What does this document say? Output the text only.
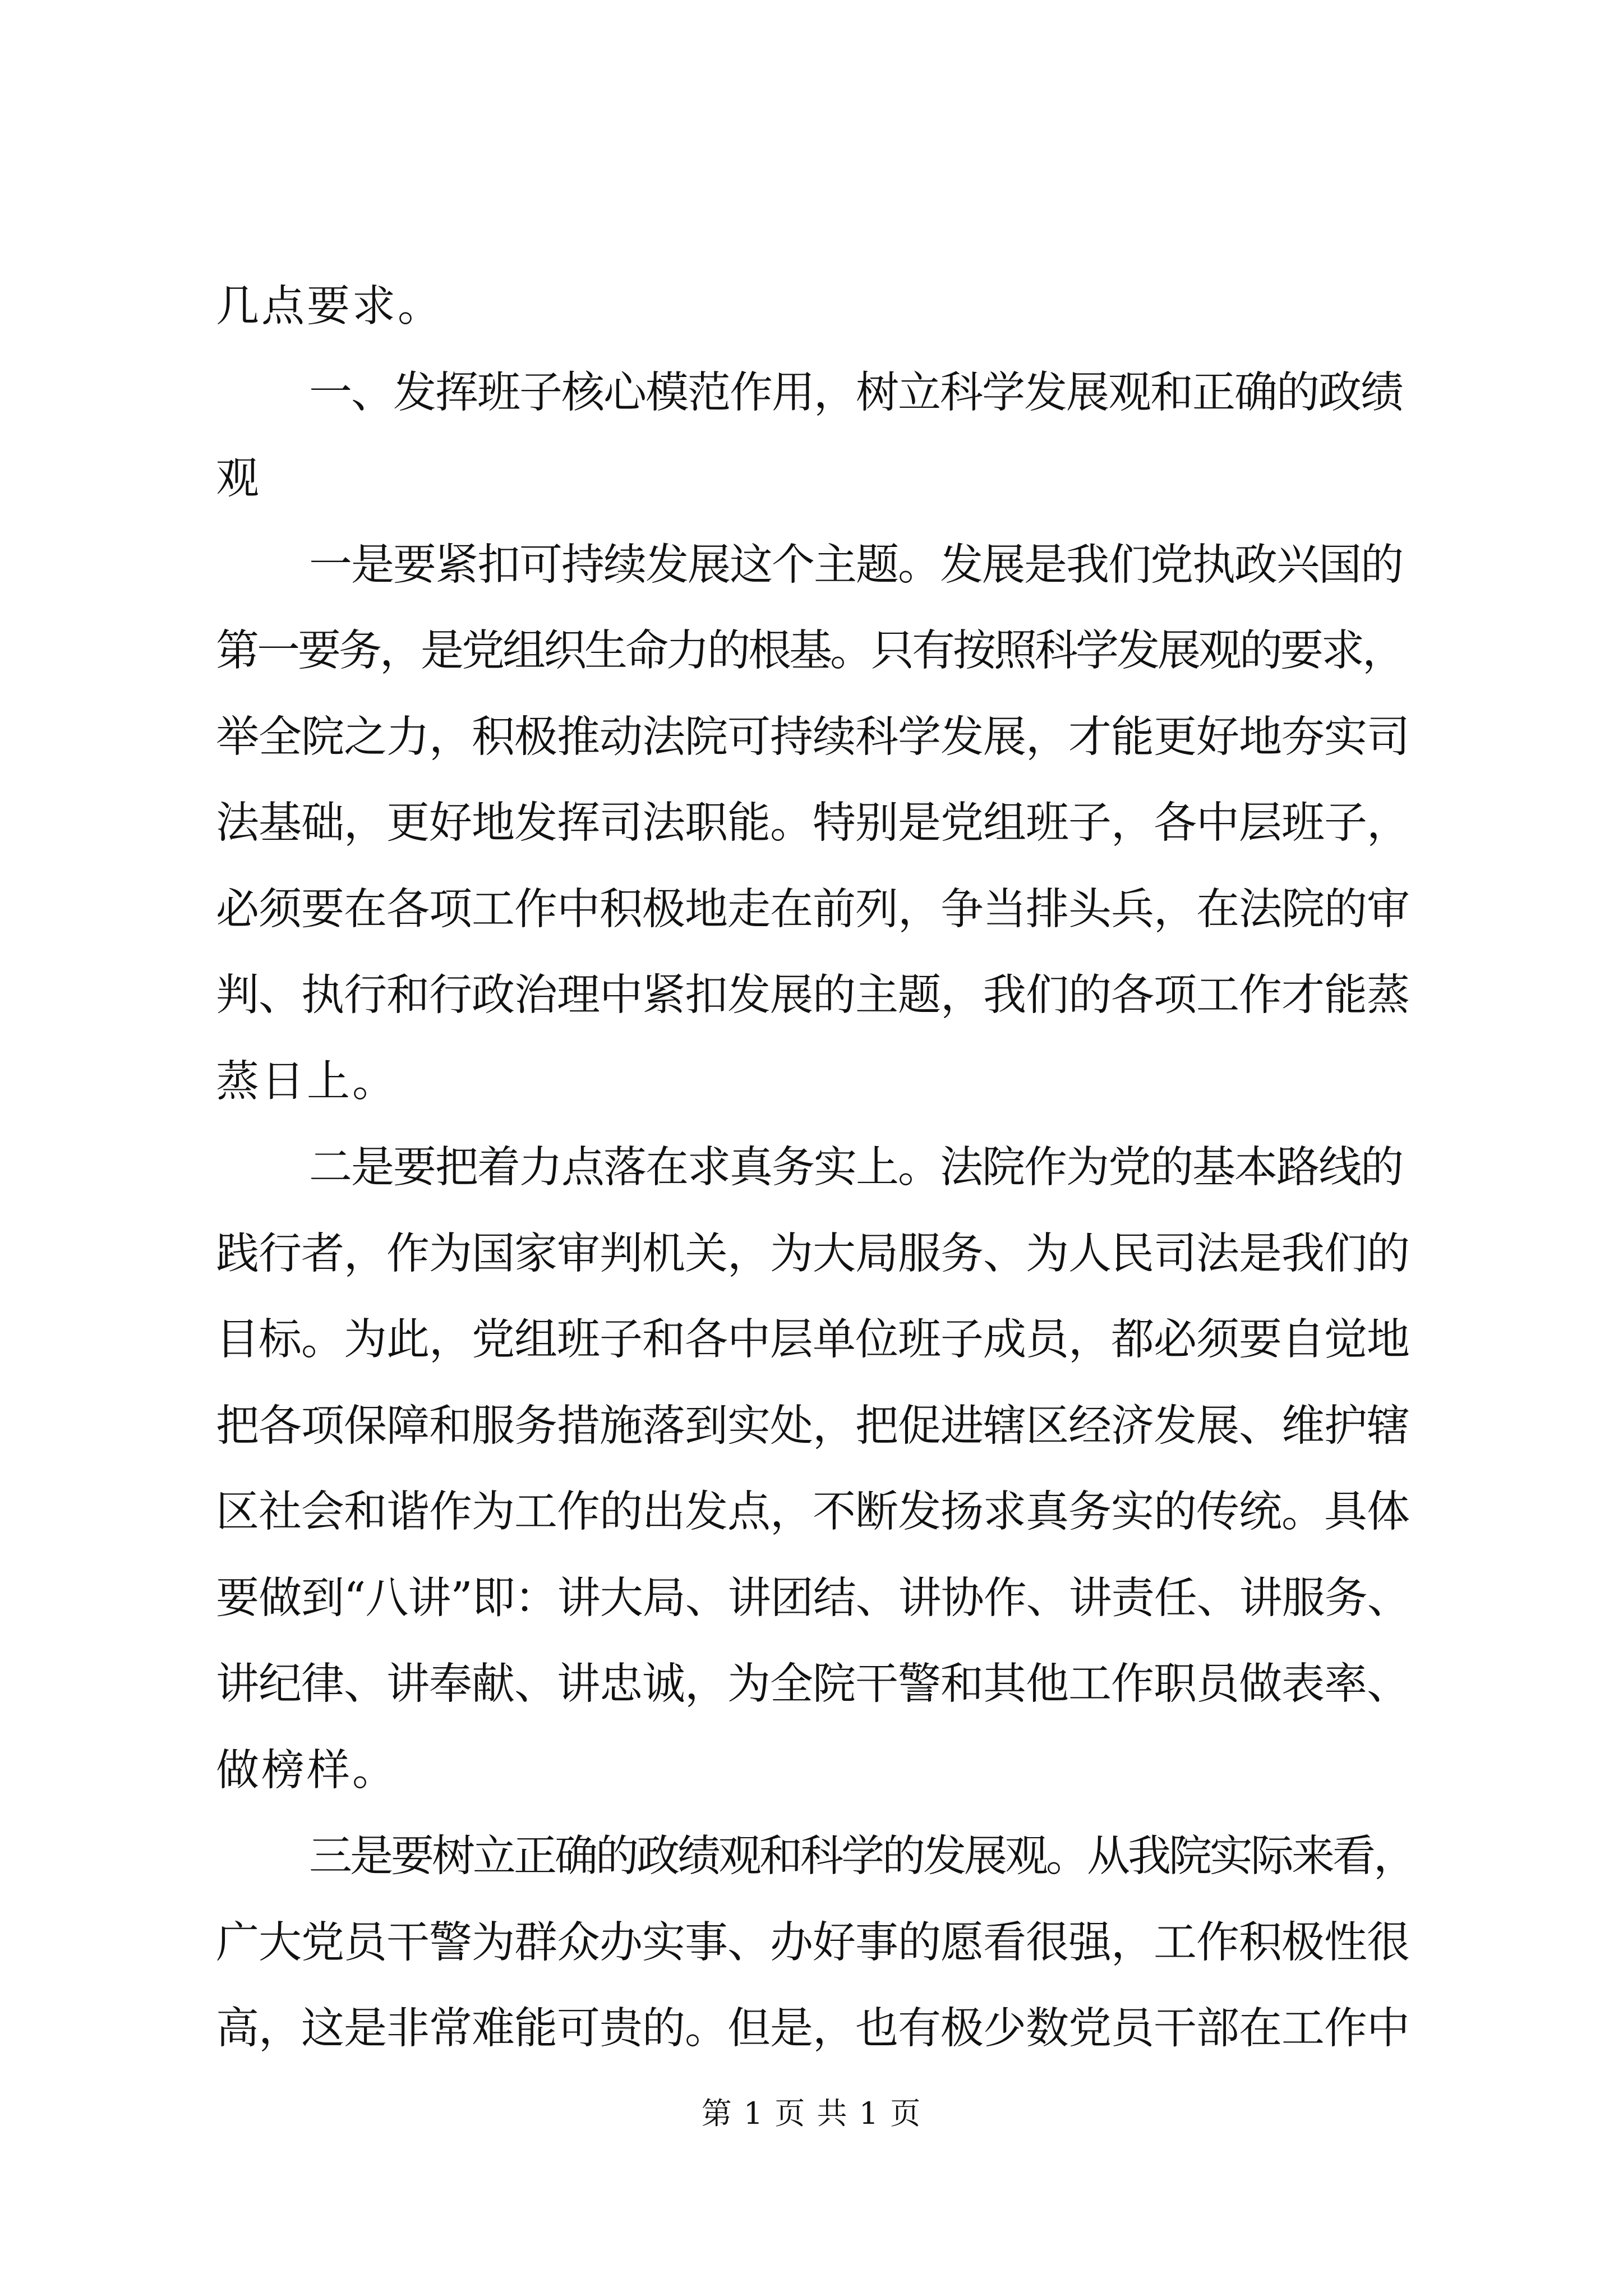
几点要求。
一、发挥班子核心模范作用，树立科学发展观和正确的政绩
观
一是要紧扣可持续发展这个主题。发展是我们党执政兴国的
第一要务，是党组织生命力的根基。只有按照科学发展观的要求，
举全院之力，积极推动法院可持续科学发展，才能更好地夯实司
法基础，更好地发挥司法职能。特别是党组班子，各中层班子，
必须要在各项工作中积极地走在前列，争当排头兵，在法院的审
判、执行和行政治理中紧扣发展的主题，我们的各项工作才能蒸
蒸日上。
二是要把着力点落在求真务实上。法院作为党的基本路线的
践行者，作为国家审判机关，为大局服务、为人民司法是我们的
目标。为此，党组班子和各中层单位班子成员，都必须要自觉地
把各项保障和服务措施落到实处，把促进辖区经济发展、维护辖
区社会和谐作为工作的出发点，不断发扬求真务实的传统。具体
要做到“八讲”即：讲大局、讲团结、讲协作、讲责任、讲服务、
讲纪律、讲奉献、讲忠诚，为全院干警和其他工作职员做表率、
做榜样。
三是要树立正确的政绩观和科学的发展观。从我院实际来看，
广大党员干警为群众办实事、办好事的愿看很强，工作积极性很
高，这是非常难能可贵的。但是，也有极少数党员干部在工作中
第 1 页 共 1 页
